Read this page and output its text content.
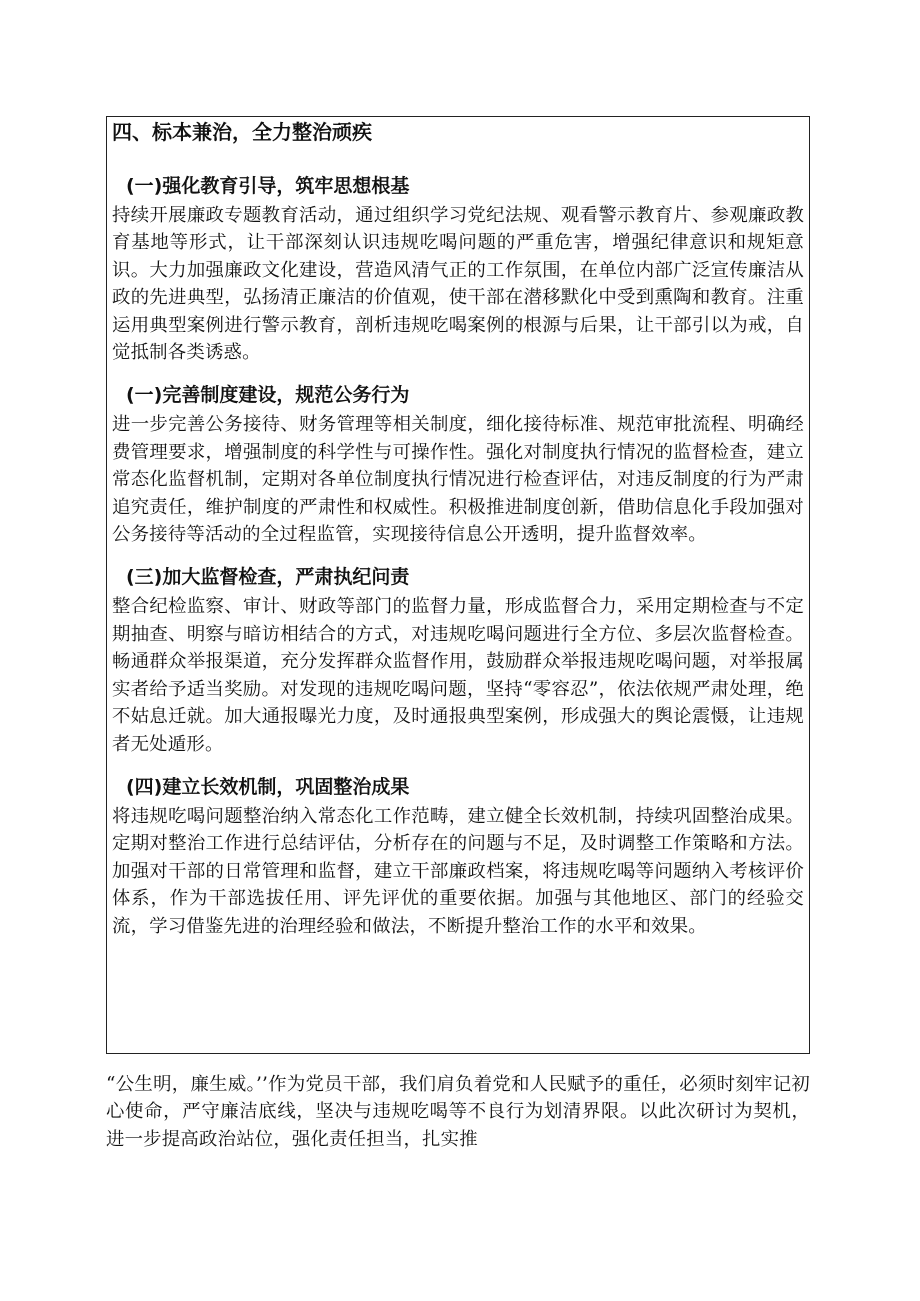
四、标本兼治，全力整治顽疾
(一)强化教育引导，筑牢思想根基

持续开展廉政专题教育活动，通过组织学习党纪法规、观看警示教育片、参观廉政教育基地等形式，让干部深刻认识违规吃喝问题的严重危害，增强纪律意识和规矩意识。大力加强廉政文化建设，营造风清气正的工作氛围，在单位内部广泛宣传廉洁从政的先进典型，弘扬清正廉洁的价值观，使干部在潜移默化中受到熏陶和教育。注重运用典型案例进行警示教育，剖析违规吃喝案例的根源与后果，让干部引以为戒，自觉抵制各类诱惑。

(一)完善制度建设，规范公务行为

进一步完善公务接待、财务管理等相关制度，细化接待标准、规范审批流程、明确经费管理要求，增强制度的科学性与可操作性。强化对制度执行情况的监督检查，建立常态化监督机制，定期对各单位制度执行情况进行检查评估，对违反制度的行为严肃追究责任，维护制度的严肃性和权威性。积极推进制度创新，借助信息化手段加强对公务接待等活动的全过程监管，实现接待信息公开透明，提升监督效率。

(三)加大监督检查，严肃执纪问责

整合纪检监察、审计、财政等部门的监督力量，形成监督合力，采用定期检查与不定期抽查、明察与暗访相结合的方式，对违规吃喝问题进行全方位、多层次监督检查。畅通群众举报渠道，充分发挥群众监督作用，鼓励群众举报违规吃喝问题，对举报属实者给予适当奖励。对发现的违规吃喝问题，坚持“零容忍”，依法依规严肃处理，绝不姑息迁就。加大通报曝光力度，及时通报典型案例，形成强大的舆论震慑，让违规者无处遁形。

(四)建立长效机制，巩固整治成果

将违规吃喝问题整治纳入常态化工作范畴，建立健全长效机制，持续巩固整治成果。定期对整治工作进行总结评估，分析存在的问题与不足，及时调整工作策略和方法。加强对干部的日常管理和监督，建立干部廉政档案，将违规吃喝等问题纳入考核评价体系，作为干部选拔任用、评先评优的重要依据。加强与其他地区、部门的经验交流，学习借鉴先进的治理经验和做法，不断提升整治工作的水平和效果。

“公生明，廉生威。’’作为党员干部，我们肩负着党和人民赋予的重任，必须时刻牢记初心使命，严守廉洁底线，坚决与违规吃喝等不良行为划清界限。以此次研讨为契机，进一步提高政治站位，强化责任担当，扎实推
